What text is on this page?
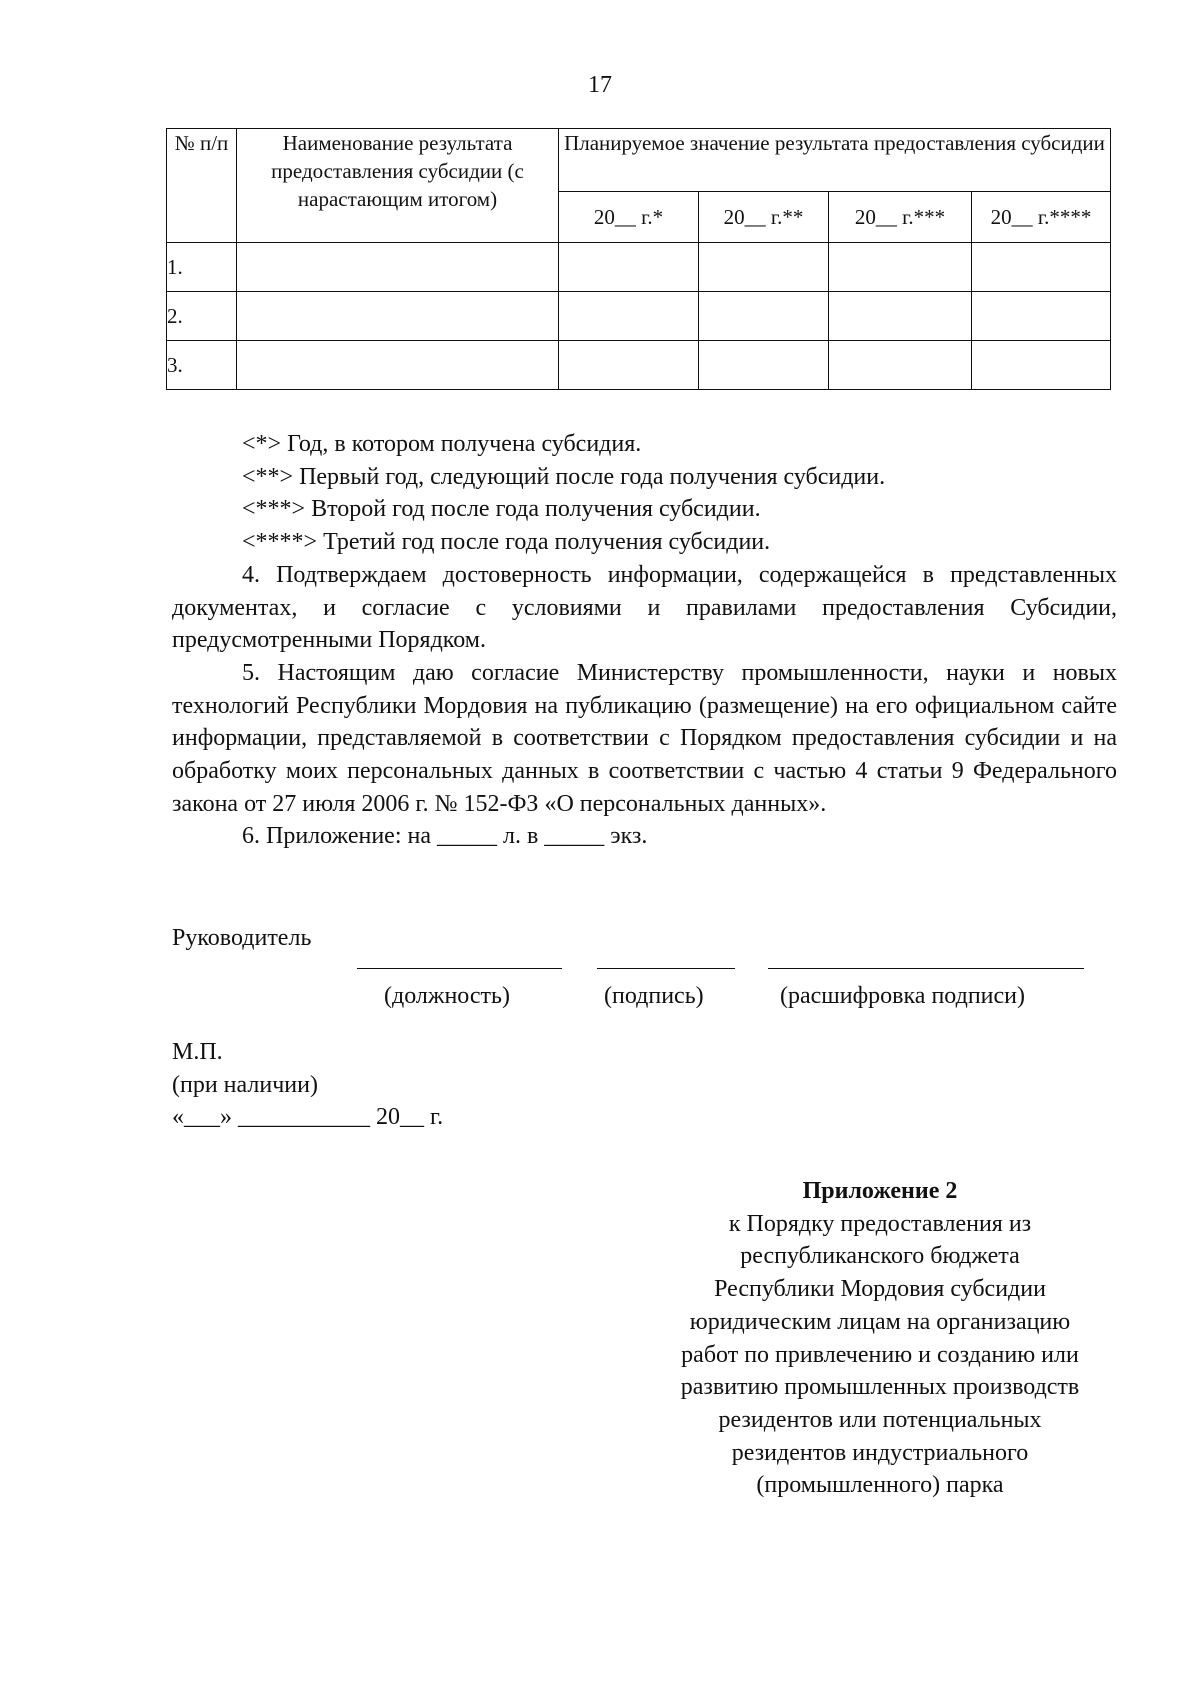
17
№ п/п	Наименование результата предоставления субсидии (с нарастающим итогом)	Планируемое значение результата предоставления субсидии			
		20__ г.*	20__ г.**	20__ г.***	20__ г.****
1.					
2.					
3.					

<*> Год, в котором получена субсидия.

<**> Первый год, следующий после года получения субсидии.

<***> Второй год после года получения субсидии.

<****> Третий год после года получения субсидии.

4. Подтверждаем достоверность информации, содержащейся в представленных документах, и согласие с условиями и правилами предоставления Субсидии, предусмотренными Порядком.

5. Настоящим даю согласие Министерству промышленности, науки и новых технологий Республики Мордовия на публикацию (размещение) на его официальном сайте информации, представляемой в соответствии с Порядком предоставления субсидии и на обработку моих персональных данных в соответствии с частью 4 статьи 9 Федерального закона от 27 июля 2006 г. № 152-ФЗ «О персональных данных».

6. Приложение: на _____ л. в _____ экз.

Руководитель
(должность)	(подпись)	(расшифровка подписи)

М.П.

(при наличии)

«___» ___________ 20__ г.

Приложение 2

к Порядку предоставления из

республиканского бюджета

Республики Мордовия субсидии

юридическим лицам на организацию

работ по привлечению и созданию или

развитию промышленных производств

резидентов или потенциальных

резидентов индустриального

(промышленного) парка
